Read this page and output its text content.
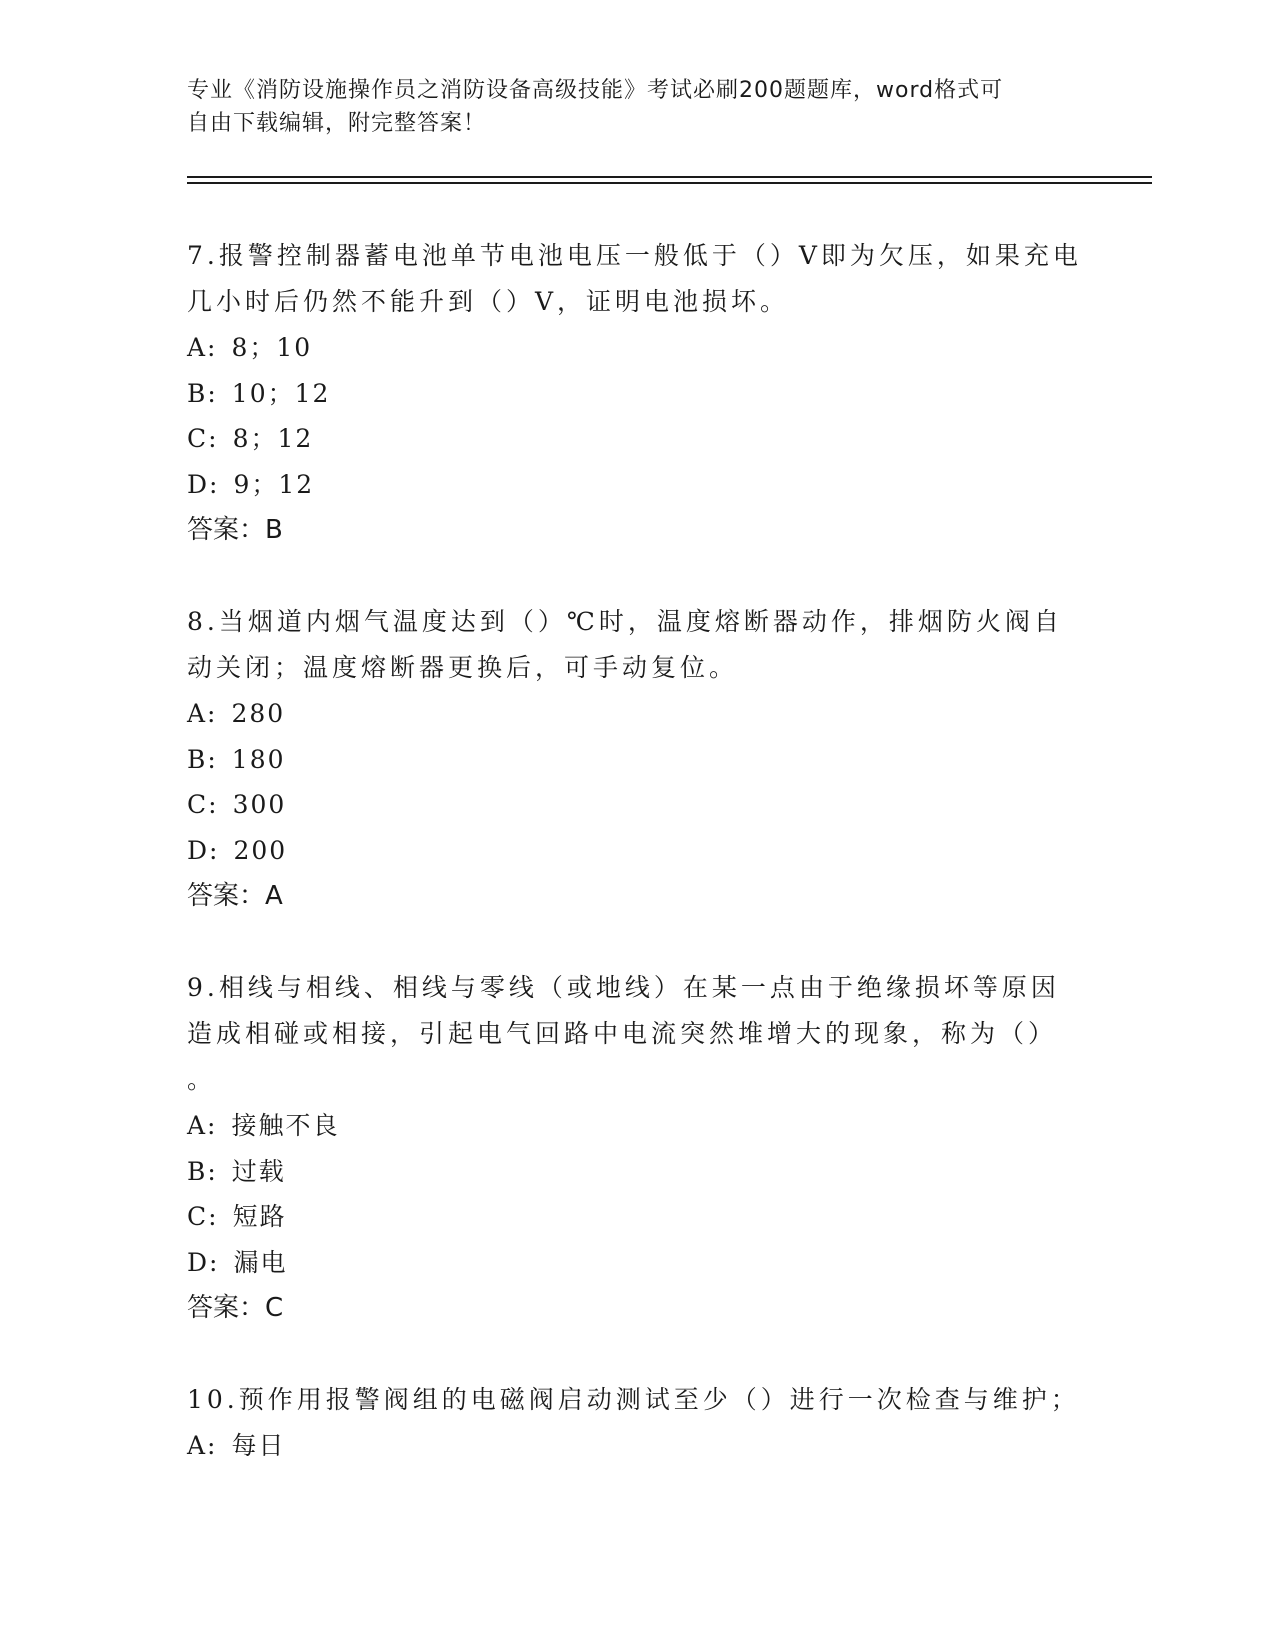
专业《消防设施操作员之消防设备高级技能》考试必刷200题题库，word格式可
自由下载编辑，附完整答案！
7.报警控制器蓄电池单节电池电压一般低于（）V即为欠压，如果充电
几小时后仍然不能升到（）V，证明电池损坏。
A: 8；10
B: 10；12
C: 8；12
D: 9；12
答案：B
8.当烟道内烟气温度达到（）℃时，温度熔断器动作，排烟防火阀自
动关闭；温度熔断器更换后，可手动复位。
A: 280
B: 180
C: 300
D: 200
答案：A
9.相线与相线、相线与零线（或地线）在某一点由于绝缘损坏等原因
造成相碰或相接，引起电气回路中电流突然堆增大的现象，称为（）
。
A: 接触不良
B: 过载
C: 短路
D: 漏电
答案：C
10.预作用报警阀组的电磁阀启动测试至少（）进行一次检查与维护；
A: 每日
